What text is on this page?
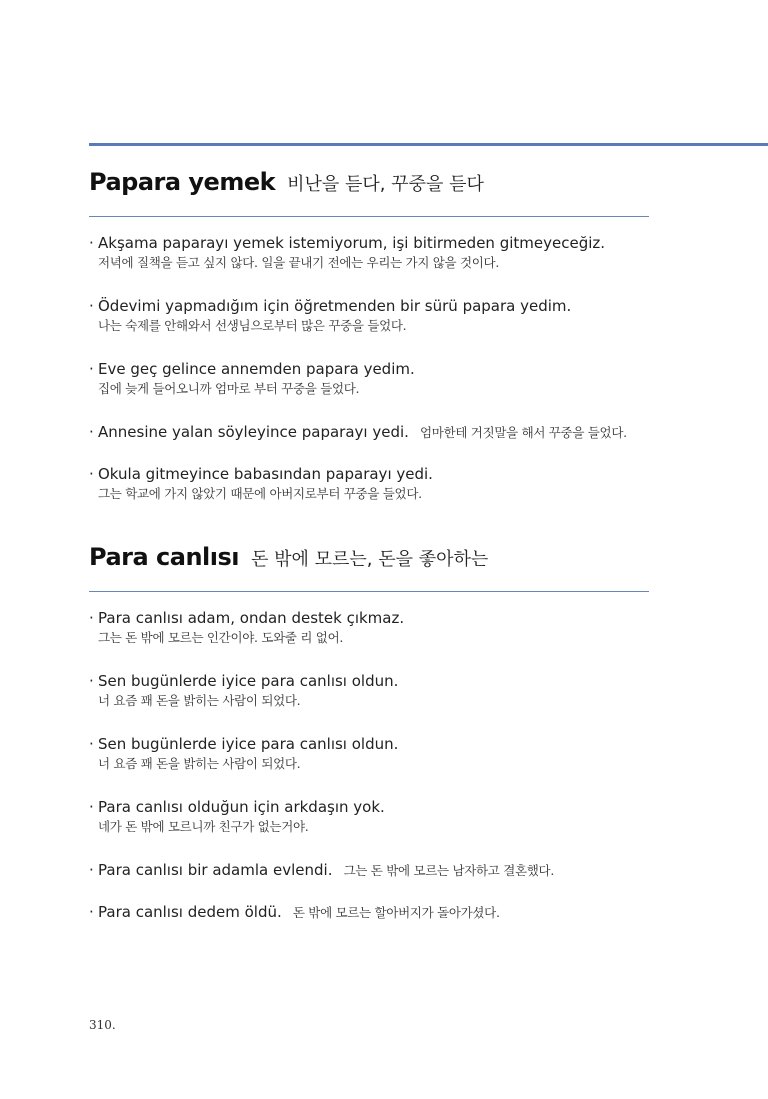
Papara yemek 비난을 듣다, 꾸중을 듣다
· Akşama paparayı yemek istemiyorum, işi bitirmeden gitmeyeceğiz.
저녁에 질책을 듣고 싶지 않다. 일을 끝내기 전에는 우리는 가지 않을 것이다.
· Ödevimi yapmadığım için öğretmenden bir sürü papara yedim.
나는 숙제를 안해와서 선생님으로부터 많은 꾸중을 들었다.
· Eve geç gelince annemden papara yedim.
집에 늦게 들어오니까 엄마로 부터 꾸중을 들었다.
· Annesine yalan söyleyince paparayı yedi. 엄마한테 거짓말을 해서 꾸중을 들었다.
· Okula gitmeyince babasından paparayı yedi.
그는 학교에 가지 않았기 때문에 아버지로부터 꾸중을 들었다.
Para canlısı 돈 밖에 모르는, 돈을 좋아하는
· Para canlısı adam, ondan destek çıkmaz.
그는 돈 밖에 모르는 인간이야. 도와줄 리 없어.
· Sen bugünlerde iyice para canlısı oldun.
너 요즘 꽤 돈을 밝히는 사람이 되었다.
· Sen bugünlerde iyice para canlısı oldun.
너 요즘 꽤 돈을 밝히는 사람이 되었다.
· Para canlısı olduğun için arkdaşın yok.
네가 돈 밖에 모르니까 친구가 없는거야.
· Para canlısı bir adamla evlendi. 그는 돈 밖에 모르는 남자하고 결혼했다.
· Para canlısı dedem öldü. 돈 밖에 모르는 할아버지가 돌아가셨다.
310.
